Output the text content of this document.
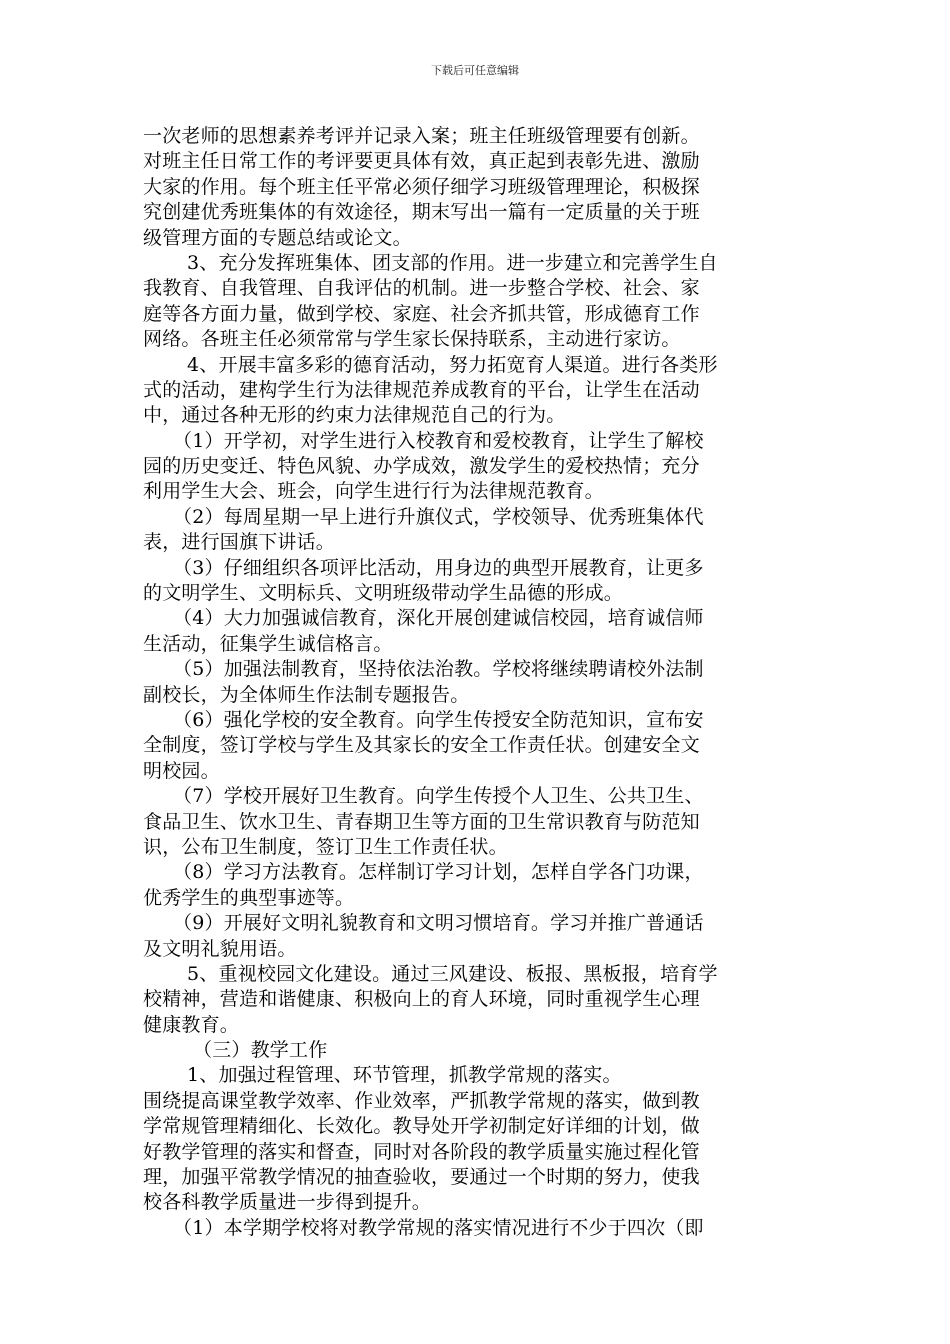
下载后可任意编辑
一次老师的思想素养考评并记录入案；班主任班级管理要有创新。
对班主任日常工作的考评要更具体有效，真正起到表彰先进、激励
大家的作用。每个班主任平常必须仔细学习班级管理理论，积极探
究创建优秀班集体的有效途径，期末写出一篇有一定质量的关于班
级管理方面的专题总结或论文。
3、充分发挥班集体、团支部的作用。进一步建立和完善学生自
我教育、自我管理、自我评估的机制。进一步整合学校、社会、家
庭等各方面力量，做到学校、家庭、社会齐抓共管，形成德育工作
网络。各班主任必须常常与学生家长保持联系，主动进行家访。
4、开展丰富多彩的德育活动，努力拓宽育人渠道。进行各类形
式的活动，建构学生行为法律规范养成教育的平台，让学生在活动
中，通过各种无形的约束力法律规范自己的行为。
（1）开学初，对学生进行入校教育和爱校教育，让学生了解校
园的历史变迁、特色风貌、办学成效，激发学生的爱校热情；充分
利用学生大会、班会，向学生进行行为法律规范教育。
（2）每周星期一早上进行升旗仪式，学校领导、优秀班集体代
表，进行国旗下讲话。
（3）仔细组织各项评比活动，用身边的典型开展教育，让更多
的文明学生、文明标兵、文明班级带动学生品德的形成。
（4）大力加强诚信教育，深化开展创建诚信校园，培育诚信师
生活动，征集学生诚信格言。
（5）加强法制教育，坚持依法治教。学校将继续聘请校外法制
副校长，为全体师生作法制专题报告。
（6）强化学校的安全教育。向学生传授安全防范知识，宣布安
全制度，签订学校与学生及其家长的安全工作责任状。创建安全文
明校园。
（7）学校开展好卫生教育。向学生传授个人卫生、公共卫生、
食品卫生、饮水卫生、青春期卫生等方面的卫生常识教育与防范知
识，公布卫生制度，签订卫生工作责任状。
（8）学习方法教育。怎样制订学习计划，怎样自学各门功课，
优秀学生的典型事迹等。
（9）开展好文明礼貌教育和文明习惯培育。学习并推广普通话
及文明礼貌用语。
5、重视校园文化建设。通过三风建设、板报、黑板报，培育学
校精神，营造和谐健康、积极向上的育人环境，同时重视学生心理
健康教育。
（三）教学工作
1、加强过程管理、环节管理，抓教学常规的落实。
围绕提高课堂教学效率、作业效率，严抓教学常规的落实，做到教
学常规管理精细化、长效化。教导处开学初制定好详细的计划，做
好教学管理的落实和督查，同时对各阶段的教学质量实施过程化管
理，加强平常教学情况的抽查验收，要通过一个时期的努力，使我
校各科教学质量进一步得到提升。
（1）本学期学校将对教学常规的落实情况进行不少于四次（即
